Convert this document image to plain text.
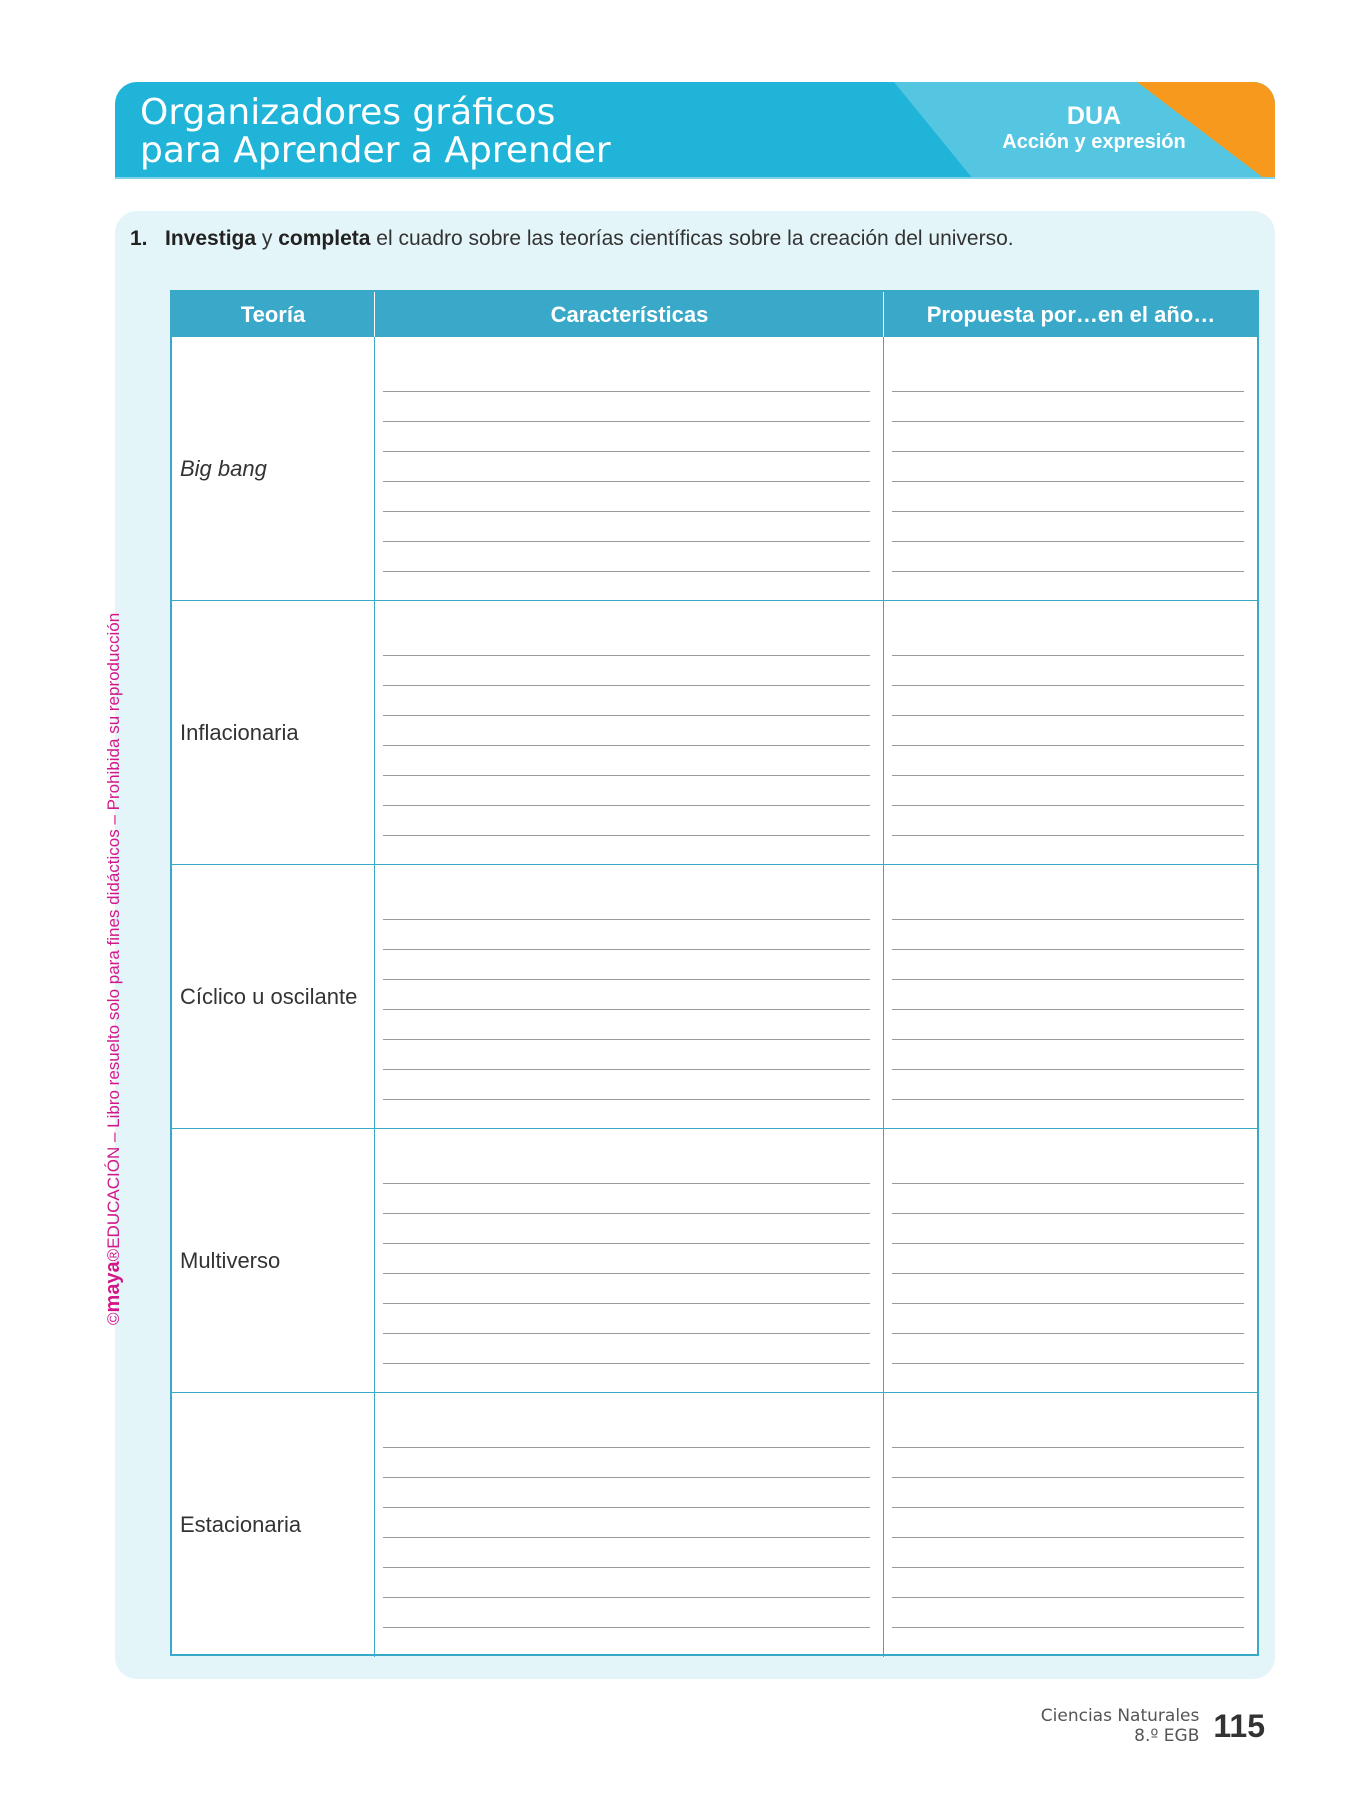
Organizadores gráficos
para Aprender a Aprender
DUA
Acción y expresión
1. Investiga y completa el cuadro sobre las teorías científicas sobre la creación del universo.
Teoría	Características	Propuesta por…en el año…
Big bang
Inflacionaria
Cíclico u oscilante
Multiverso
Estacionaria
©maya®EDUCACIÓN – Libro resuelto solo para fines didácticos – Prohibida su reproducción
Ciencias Naturales
8.º EGB 115
